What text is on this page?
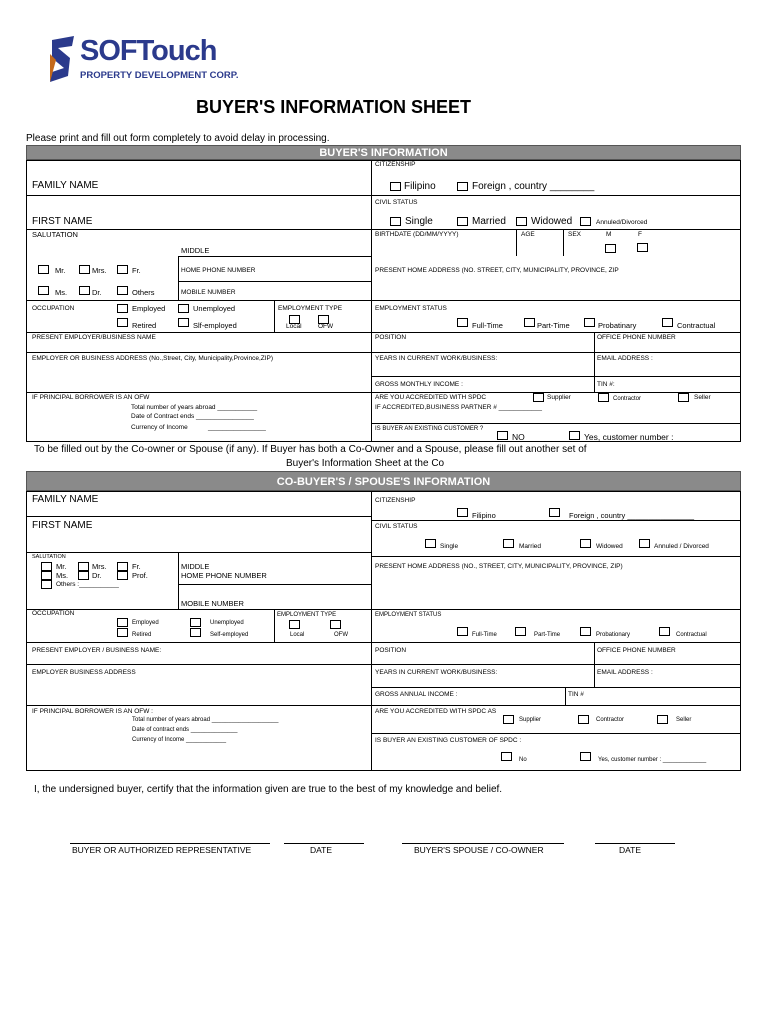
SOFTouch
PROPERTY DEVELOPMENT CORP.
BUYER'S INFORMATION SHEET
Please print and fill out form completely to avoid delay in processing.
BUYER'S INFORMATION
CITIZENSHIP
FAMILY NAME	Filipino	Foreign , country ________
CIVIL STATUS
FIRST NAME	Single	Married	Widowed	Annuled/Divorced
SALUTATION	BIRTHDATE (DD/MM/YYYY)	AGE	SEX	M	F
MIDDLE
Mr.	Mrs.	Fr.	HOME PHONE NUMBER	PRESENT HOME ADDRESS (NO. STREET, CITY, MUNICIPALITY, PROVINCE, ZIP
Ms.	Dr.	Others	MOBILE NUMBER
OCCUPATION	Employed	Unemployed	EMPLOYMENT TYPE	EMPLOYMENT STATUS
Retired	Slf-employed	Local	OFW	Full-Time	Part-Time	Probatinary	Contractual
PRESENT EMPLOYER/BUSINESS NAME	POSITION	OFFICE PHONE NUMBER
EMPLOYER OR BUSINESS ADDRESS (No.,Street, City, Municipality,Province,ZIP)	YEARS IN CURRENT WORK/BUSINESS:	EMAIL ADDRESS :
GROSS MONTHLY INCOME :	TIN #:
IF PRINCIPAL BORROWER IS AN OFW	ARE YOU ACCREDITED WITH SPDC	Supplier	Contractor	Seller
Total number of years abroad ___________	IF ACCREDITED,BUSINESS PARTNER # ____________
Date of Contract ends ________________
Currency of Income	________________	IS BUYER AN EXISTING CUSTOMER ?
NO	Yes, customer number :_________
To be filled out by the Co-owner or Spouse (if any). If Buyer has both a Co-Owner and a Spouse, please fill out another set of
Buyer's Information Sheet at the Co
CO-BUYER'S / SPOUSE'S INFORMATION
FAMILY NAME	CITIZENSHIP
Filipino	Foreign , country ________________
FIRST NAME	CIVIL STATUS
Single	Married	Widowed	Annuled / Divorced
SALUTATION
Mr.	Mrs.	Fr.	MIDDLE	PRESENT HOME ADDRESS (NO., STREET, CITY, MUNICIPALITY, PROVINCE, ZIP)
Ms.	Dr.	Prof.	HOME PHONE NUMBER
Others :___________
MOBILE NUMBER
OCCUPATION	EMPLOYMENT TYPE	EMPLOYMENT STATUS
Employed	Unemployed
Retired	Self-employed	Local	OFW	Full-Time	Part-Time	Probationary	Contractual
PRESENT EMPLOYER / BUSINESS NAME:	POSITION	OFFICE PHONE NUMBER
EMPLOYER BUSINESS ADDRESS	YEARS IN CURRENT WORK/BUSINESS:	EMAIL ADDRESS :
GROSS ANNUAL INCOME :	TIN #
IF PRINCIPAL BORROWER IS AN OFW :	ARE YOU ACCREDITED WITH SPDC AS
Supplier	Contractor	Seller
Total number of years abroad ____________________
Date of contract ends ______________
Currency of Income ____________	IS BUYER AN EXISTING CUSTOMER OF SPDC :
No	Yes, customer number : _____________
I, the undersigned buyer, certify that the information given are true to the best of my knowledge and belief.
BUYER OR AUTHORIZED REPRESENTATIVE	DATE	BUYER'S SPOUSE / CO-OWNER	DATE
